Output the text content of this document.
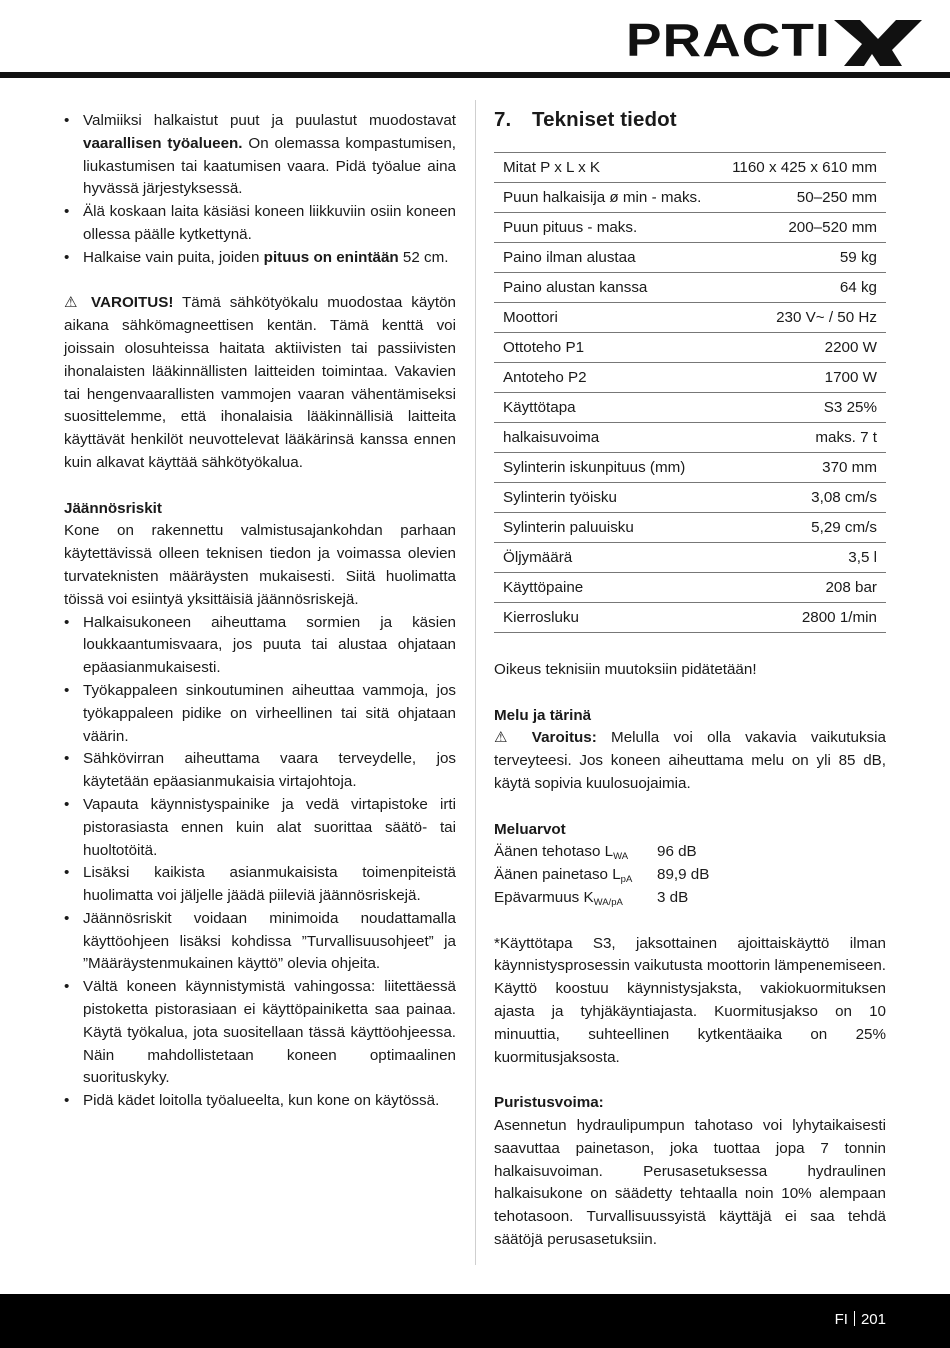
PRACTI
• Valmiiksi halkaistut puut ja puulastut muodostavat vaarallisen työalueen. On olemassa kompastumisen, liukastumisen tai kaatumisen vaara. Pidä työalue aina hyvässä järjestyksessä.
• Älä koskaan laita käsiäsi koneen liikkuviin osiin koneen ollessa päälle kytkettynä.
• Halkaise vain puita, joiden pituus on enintään 52 cm.

⚠ VAROITUS! Tämä sähkötyökalu muodostaa käytön aikana sähkömagneettisen kentän. Tämä kenttä voi joissain olosuhteissa haitata aktiivisten tai passiivisten ihonalaisten lääkinnällisten laitteiden toimintaa. Vakavien tai hengenvaarallisten vammojen vaaran vähentämiseksi suosittelemme, että ihonalaisia lääkinnällisiä laitteita käyttävät henkilöt neuvottelevat lääkärinsä kanssa ennen kuin alkavat käyttää sähkötyökalua.

Jäännösriskit

Kone on rakennettu valmistusajankohdan parhaan käytettävissä olleen teknisen tiedon ja voimassa olevien turvateknisten määräysten mukaisesti. Siitä huolimatta töissä voi esiintyä yksittäisiä jäännösriskejä.

• Halkaisukoneen aiheuttama sormien ja käsien loukkaantumisvaara, jos puuta tai alustaa ohjataan epäasianmukaisesti.
• Työkappaleen sinkoutuminen aiheuttaa vammoja, jos työkappaleen pidike on virheellinen tai sitä ohjataan väärin.
• Sähkövirran aiheuttama vaara terveydelle, jos käytetään epäasianmukaisia virtajohtoja.
• Vapauta käynnistyspainike ja vedä virtapistoke irti pistorasiasta ennen kuin alat suorittaa säätö- tai huoltotöitä.
• Lisäksi kaikista asianmukaisista toimenpiteistä huolimatta voi jäljelle jäädä piileviä jäännösriskejä.
• Jäännösriskit voidaan minimoida noudattamalla käyttöohjeen lisäksi kohdissa ”Turvallisuusohjeet” ja ”Määräystenmukainen käyttö” olevia ohjeita.
• Vältä koneen käynnistymistä vahingossa: liitettäessä pistoketta pistorasiaan ei käyttöpainiketta saa painaa. Käytä työkalua, jota suositellaan tässä käyttöohjeessa. Näin mahdollistetaan koneen optimaalinen suorituskyky.
• Pidä kädet loitolla työalueelta, kun kone on käytössä.
7. Tekniset tiedot
Mitat P x L x K	1160 x 425 x 610 mm
Puun halkaisija ø min - maks.	50–250 mm
Puun pituus - maks.	200–520 mm
Paino ilman alustaa	59 kg
Paino alustan kanssa	64 kg
Moottori	230 V~ / 50 Hz
Ottoteho P1	2200 W
Antoteho P2	1700 W
Käyttötapa	S3 25%
halkaisuvoima	maks. 7 t
Sylinterin iskunpituus (mm)	370 mm
Sylinterin työisku	3,08 cm/s
Sylinterin paluuisku	5,29 cm/s
Öljymäärä	3,5 l
Käyttöpaine	208 bar
Kierrosluku	2800 1/min

Oikeus teknisiin muutoksiin pidätetään!

Melu ja tärinä

⚠ Varoitus: Melulla voi olla vakavia vaikutuksia terveyteesi. Jos koneen aiheuttama melu on yli 85 dB, käytä sopivia kuulosuojaimia.

Meluarvot

Äänen tehotaso $L_{WA}$	96 dB
Äänen painetaso $L_{pA}$	89,9 dB
Epävarmuus $K_{WA/pA}$	3 dB

*Käyttötapa S3, jaksottainen ajoittaiskäyttö ilman käynnistysprosessin vaikutusta moottorin lämpenemiseen. Käyttö koostuu käynnistysjaksta, vakiokuormituksen ajasta ja tyhjäkäyntiajasta. Kuormitusjakso on 10 minuuttia, suhteellinen kytkentäaika on 25% kuormitusjaksosta.

Puristusvoima:

Asennetun hydraulipumpun tahotaso voi lyhytaikaisesti saavuttaa painetason, joka tuottaa jopa 7 tonnin halkaisuvoiman. Perusasetuksessa hydraulinen halkaisukone on säädetty tehtaalla noin 10% alempaan tehotasoon. Turvallisuussyistä käyttäjä ei saa tehdä säätöjä perusasetuksiin.

FI 201
